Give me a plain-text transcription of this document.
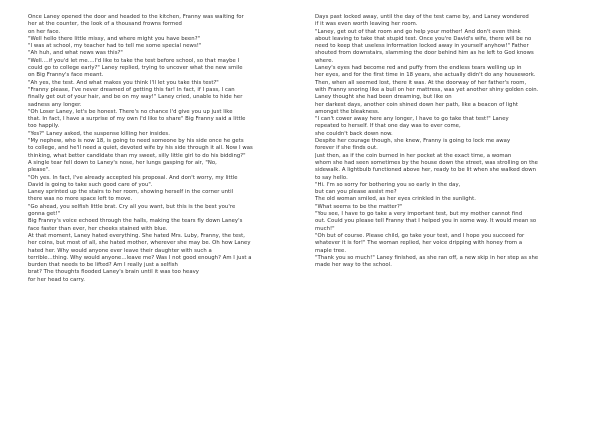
Once Laney opened the door and headed to the kitchen, Franny was waiting for
her at the counter, the look of a thousand frowns formed
on her face.
"Well hello there little missy, and where might you have been?"
"I was at school, my teacher had to tell me some special news!"
"Ah huh, and what news was this?"
"Well....if you'd let me....I'd like to take the test before school, so that maybe I
could go to college early?" Laney replied, trying to uncover what the new smile
on Big Franny's face meant.
"Ah yes, the test. And what makes you think I'll let you take this test?"
"Franny please, I've never dreamed of getting this far! In fact, if I pass, I can
finally get out of your hair, and be on my way!" Laney cried, unable to hide her
sadness any longer.
"Oh Loser Laney, let's be honest. There's no chance I'd give you up just like
that. In fact, I have a surprise of my own I'd like to share" Big Franny said a little
too happily.
"Yes?" Laney asked, the suspense killing her insides.
"My nephew, who is now 18, is going to need someone by his side once he gets
to college, and he'll need a quiet, devoted wife by his side through it all. Now I was
thinking, what better candidate than my sweet, silly little girl to do his bidding?"
A single tear fell down to Laney's nose, her lungs gasping for air, "No,
please".
"Oh yes. In fact, I've already accepted his proposal. And don't worry, my little
David is going to take such good care of you".
Laney sprinted up the stairs to her room, showing herself in the corner until
there was no more space left to move.
"Go ahead, you selfish little brat. Cry all you want, but this is the best you're
gonna get!"
Big Franny's voice echoed through the halls, making the tears fly down Laney's
face faster than ever, her cheeks stained with blue.
At that moment, Laney hated everything. She hated Mrs. Luby, Franny, the test,
her coins, but most of all, she hated mother, wherever she may be. Oh how Laney
hated her. Why would anyone ever leave their daughter with such a
terrible...thing. Why would anyone...leave me? Was I not good enough? Am I just a
burden that needs to be lifted? Am I really just a selfish
brat? The thoughts flooded Laney's brain until it was too heavy
for her head to carry.
Days past locked away, until the day of the test came by, and Laney wondered
if it was even worth leaving her room.
"Laney, get out of that room and go help your mother! And don't even think
about leaving to take that stupid test. Once you're David's wife, there will be no
need to keep that useless information locked away in yourself anyhow!" Father
shouted from downstairs, slamming the door behind him as he left to God knows
where.
Laney's eyes had become red and puffy from the endless tears welling up in
her eyes, and for the first time in 18 years, she actually didn't do any housework.
Then, when all seemed lost, there it was. At the doorway of her father's room,
with Franny snoring like a bull on her mattress, was yet another shiny golden coin.
Laney thought she had been dreaming, but like on
her darkest days, another coin shined down her path, like a beacon of light
amongst the bleakness.
"I can't cower away here any longer, I have to go take that test!" Laney
repeated to herself. If that one day was to ever come,
she couldn't back down now.
Despite her courage though, she knew, Franny is going to lock me away
forever if she finds out.
Just then, as if the coin burned in her pocket at the exact time, a woman
whom she had seen sometimes by the house down the street, was strolling on the
sidewalk. A lightbulb functioned above her, ready to be lit when she walked down
to say hello.
"Hi. I'm so sorry for bothering you so early in the day,
but can you please assist me?
The old woman smiled, as her eyes crinkled in the sunlight.
"What seems to be the matter?"
"You see, I have to go take a very important test, but my mother cannot find
out. Could you please tell Franny that I helped you in some way. It would mean so
much!"
"Oh but of course. Please child, go take your test, and I hope you succeed for
whatever it is for!" The woman replied, her voice dripping with honey from a
maple tree.
"Thank you so much!" Laney finished, as she ran off, a new skip in her step as she
made her way to the school.
